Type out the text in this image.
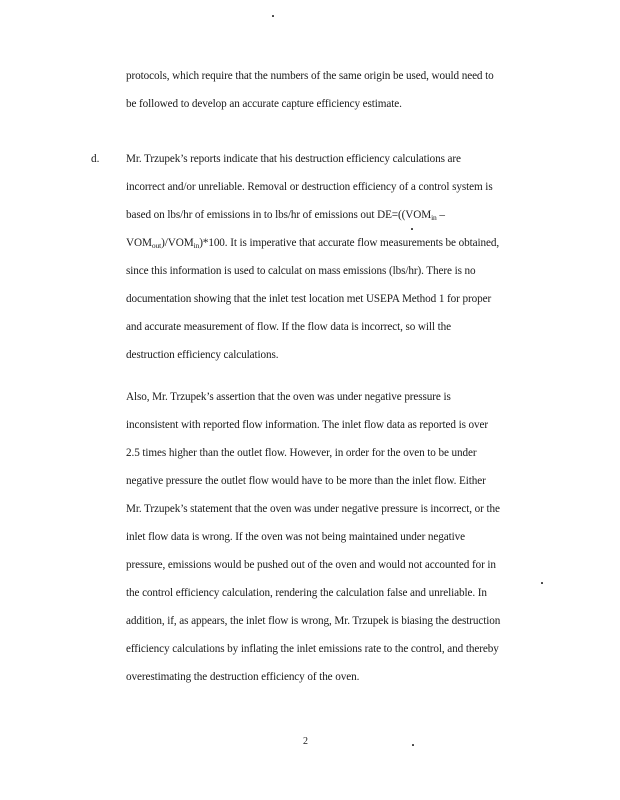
protocols, which require that the numbers of the same origin be used, would need to
be followed to develop an accurate capture efficiency estimate.
d. Mr. Trzupek’s reports indicate that his destruction efficiency calculations are
incorrect and/or unreliable. Removal or destruction efficiency of a control system is
based on lbs/hr of emissions in to lbs/hr of emissions out $DE=((VOM_{in}$ –
$VOM_{out})/VOM_{in})*100$. It is imperative that accurate flow measurements be obtained,
since this information is used to calculat on mass emissions (lbs/hr). There is no
documentation showing that the inlet test location met USEPA Method 1 for proper
and accurate measurement of flow. If the flow data is incorrect, so will the
destruction efficiency calculations.
Also, Mr. Trzupek’s assertion that the oven was under negative pressure is
inconsistent with reported flow information. The inlet flow data as reported is over
2.5 times higher than the outlet flow. However, in order for the oven to be under
negative pressure the outlet flow would have to be more than the inlet flow. Either
Mr. Trzupek’s statement that the oven was under negative pressure is incorrect, or the
inlet flow data is wrong. If the oven was not being maintained under negative
pressure, emissions would be pushed out of the oven and would not accounted for in
the control efficiency calculation, rendering the calculation false and unreliable. In
addition, if, as appears, the inlet flow is wrong, Mr. Trzupek is biasing the destruction
efficiency calculations by inflating the inlet emissions rate to the control, and thereby
overestimating the destruction efficiency of the oven.
2
